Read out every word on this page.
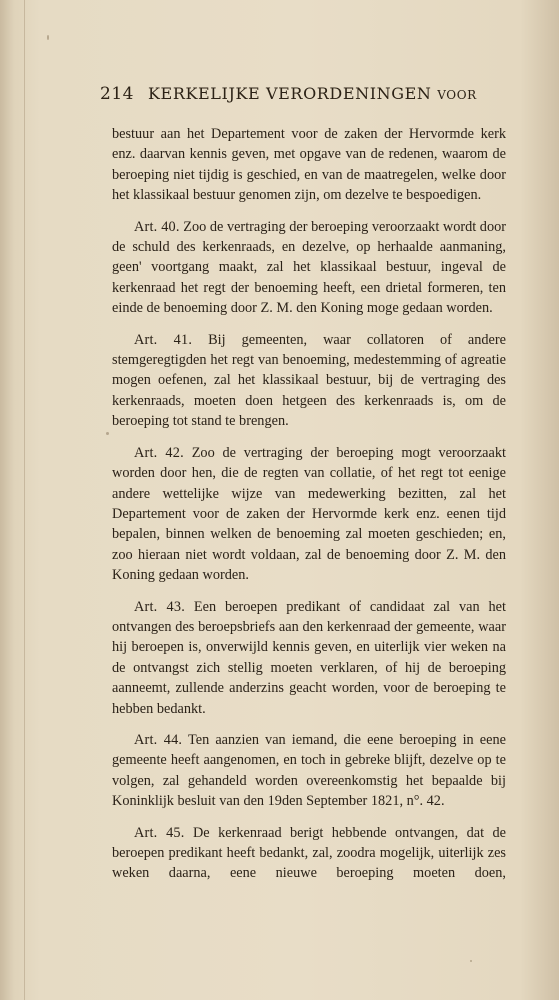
214 KERKELIJKE VERORDENINGEN VOOR

bestuur aan het Departement voor de zaken der Hervormde kerk enz. daarvan kennis geven, met opgave van de redenen, waarom de beroeping niet tijdig is geschied, en van de maatregelen, welke door het klassikaal bestuur genomen zijn, om dezelve te bespoedigen.

Art. 40. Zoo de vertraging der beroeping veroorzaakt wordt door de schuld des kerkenraads, en dezelve, op herhaalde aanmaning, geen' voortgang maakt, zal het klassikaal bestuur, ingeval de kerkenraad het regt der benoeming heeft, een drietal formeren, ten einde de benoeming door Z. M. den Koning moge gedaan worden.

Art. 41. Bij gemeenten, waar collatoren of andere stemgeregtigden het regt van benoeming, medestemming of agreatie mogen oefenen, zal het klassikaal bestuur, bij de vertraging des kerkenraads, moeten doen hetgeen des kerkenraads is, om de beroeping tot stand te brengen.

Art. 42. Zoo de vertraging der beroeping mogt veroorzaakt worden door hen, die de regten van collatie, of het regt tot eenige andere wettelijke wijze van medewerking bezitten, zal het Departement voor de zaken der Hervormde kerk enz. eenen tijd bepalen, binnen welken de benoeming zal moeten geschieden; en, zoo hieraan niet wordt voldaan, zal de benoeming door Z. M. den Koning gedaan worden.

Art. 43. Een beroepen predikant of candidaat zal van het ontvangen des beroepsbriefs aan den kerkenraad der gemeente, waar hij beroepen is, onverwijld kennis geven, en uiterlijk vier weken na de ontvangst zich stellig moeten verklaren, of hij de beroeping aanneemt, zullende anderzins geacht worden, voor de beroeping te hebben bedankt.

Art. 44. Ten aanzien van iemand, die eene beroeping in eene gemeente heeft aangenomen, en toch in gebreke blijft, dezelve op te volgen, zal gehandeld worden overeenkomstig het bepaalde bij Koninklijk besluit van den 19den September 1821, n°. 42.

Art. 45. De kerkenraad berigt hebbende ontvangen, dat de beroepen predikant heeft bedankt, zal, zoodra mogelijk, uiterlijk zes weken daarna, eene nieuwe beroeping moeten doen,
